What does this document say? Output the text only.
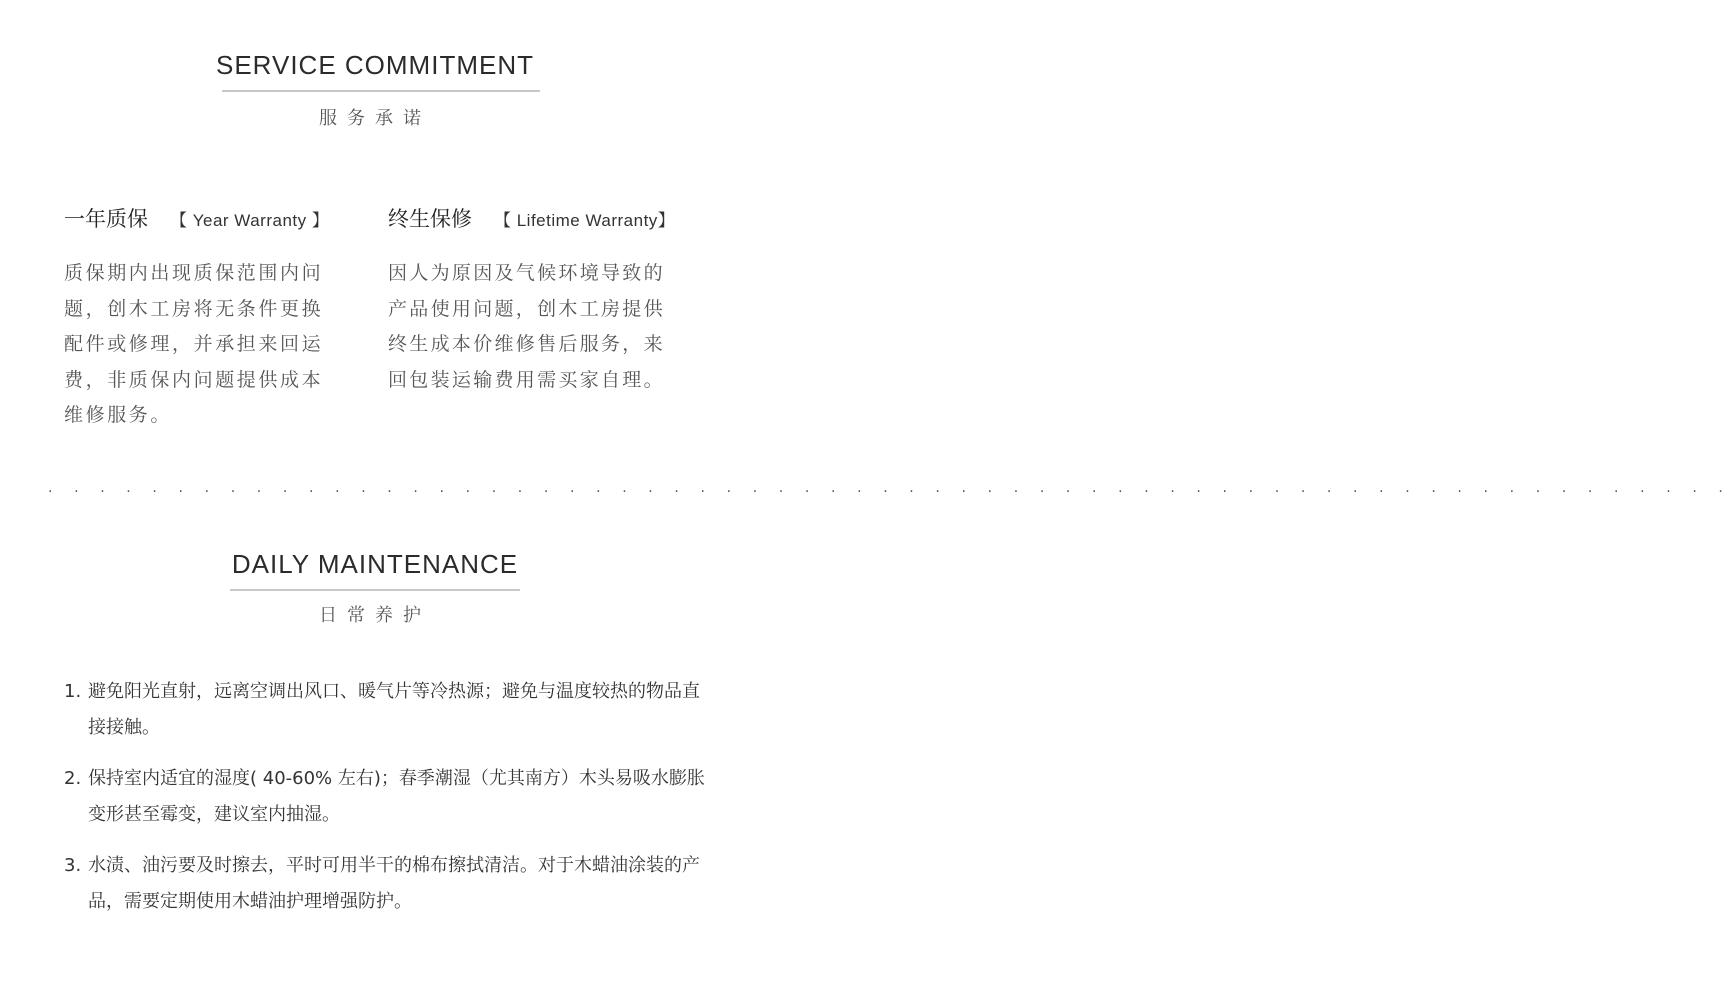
SERVICE COMMITMENT
服务承诺
一年质保 【 Year Warranty 】
质保期内出现质保范围内问
题，创木工房将无条件更换
配件或修理，并承担来回运
费，非质保内问题提供成本
维修服务。
终生保修 【 Lifetime Warranty】
因人为原因及气候环境导致的
产品使用问题，创木工房提供
终生成本价维修售后服务，来
回包装运输费用需买家自理。
. . . . . . . . . . . . . . . . . . . . . . . . . . . . . . . . . . . . . . . . . . . . . . . . . . . . . . . . . . . . . . . . .
DAILY MAINTENANCE
日常养护
1. 避免阳光直射，远离空调出风口、暖气片等冷热源；避免与温度较热的物品直接接触。
2. 保持室内适宜的湿度( 40-60% 左右)；春季潮湿（尤其南方）木头易吸水膨胀变形甚至霉变，建议室内抽湿。
3. 水渍、油污要及时擦去，平时可用半干的棉布擦拭清洁。对于木蜡油涂装的产品，需要定期使用木蜡油护理增强防护。
